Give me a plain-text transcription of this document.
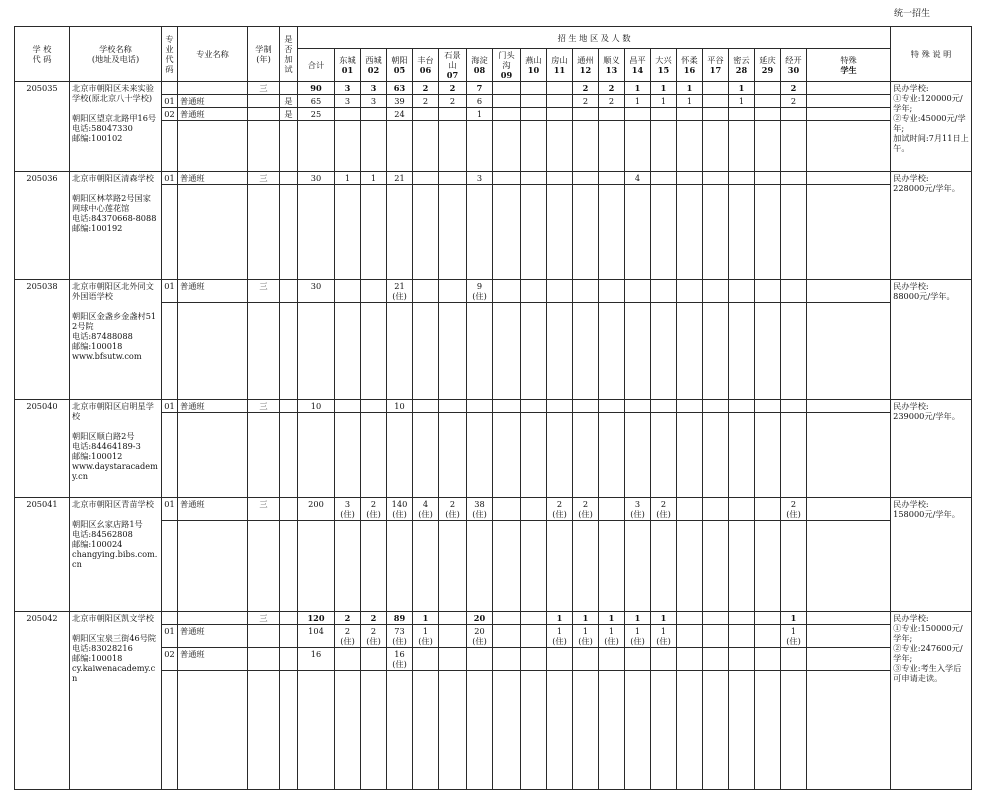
统一招生
学 校
代 码	学校名称
(地址及电话)	专
业
代
码	专业名称	学制
(年)	是
否
加
试	招 生 地 区 及 人 数																				特 殊 说 明
						合计	东城
01	西城
02	朝阳
05	丰台
06	石景山
07	海淀
08	门头沟
09	燕山
10	房山
11	通州
12	顺义
13	昌平
14	大兴
15	怀柔
16	平谷
17	密云
28	延庆
29	经开
30	特殊
学生	
205035	北京市朝阳区未来实验学校(原北京八十学校)

朝阳区望京北路甲16号
电话:58047330
邮编:100102			三		90	3	3	63	2	2	7				2	2	1	1	1		1		2		民办学校:
①专业:120000元/学年;
②专业:45000元/学年;
加试时间:7月11日上午。
		01	普通班		是	65	3	3	39	2	2	6				2	2	1	1	1		1		2		
		02	普通班		是	25			24			1														

205036	北京市朝阳区清森学校

朝阳区林萃路2号国家网球中心莲花馆
电话:84370668-8088
邮编:100192	01	普通班	三		30	1	1	21			3						4								民办学校:
228000元/学年。

205038	北京市朝阳区北外同文外国语学校

朝阳区金盏乡金盏村512号院
电话:87488088
邮编:100018
www.bfsutw.com	01	普通班	三		30			21
(住)			9
(住)														民办学校:
88000元/学年。

205040	北京市朝阳区启明星学校

朝阳区顺白路2号
电话:84464189-3
邮编:100012
www.daystaracademy.cn	01	普通班	三		10			10																	民办学校:
239000元/学年。

205041	北京市朝阳区青苗学校

朝阳区幺家店路1号
电话:84562808
邮编:100024
changying.bibs.com.cn	01	普通班	三		200	3
(住)	2
(住)	140
(住)	4
(住)	2
(住)	38
(住)			2
(住)	2
(住)		3
(住)	2
(住)					2
(住)		民办学校:
158000元/学年。

205042	北京市朝阳区凯文学校

朝阳区宝泉三街46号院
电话:83028216
邮编:100018
cy.kaiwenacademy.cn			三		120	2	2	89	1		20			1	1	1	1	1					1		民办学校:
①专业:150000元/学年;
②专业:247600元/学年;
③专业:考生入学后可申请走读。
		01	普通班			104	2
(住)	2
(住)	73
(住)	1
(住)		20
(住)			1
(住)	1
(住)	1
(住)	1
(住)	1
(住)					1
(住)		
		02	普通班			16			16
(住)																	
